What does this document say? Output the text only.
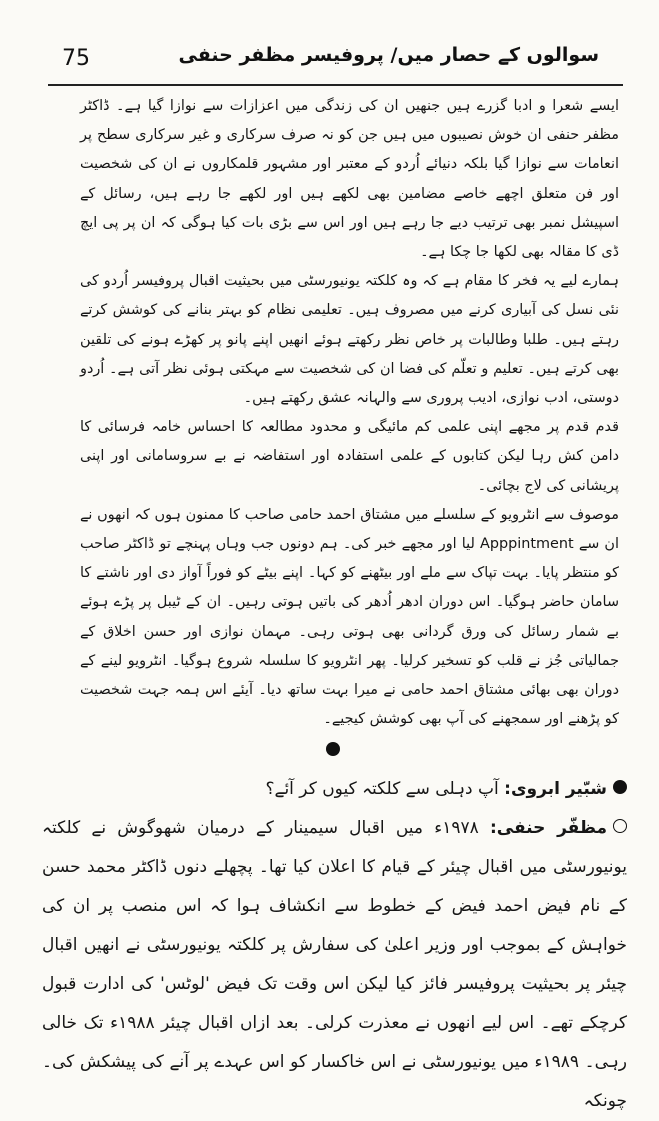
75	سوالوں کے حصار میں/ پروفیسر مظفر حنفی

ایسے شعرا و ادبا گزرے ہیں جنھیں ان کی زندگی میں اعزازات سے نوازا گیا ہے۔ ڈاکٹر مظفر حنفی ان خوش نصیبوں میں ہیں جن کو نہ صرف سرکاری و غیر سرکاری سطح پر انعامات سے نوازا گیا بلکہ دنیائے اُردو کے معتبر اور مشہور قلمکاروں نے ان کی شخصیت اور فن متعلق اچھے خاصے مضامین بھی لکھے ہیں اور لکھے جا رہے ہیں، رسائل کے اسپیشل نمبر بھی ترتیب دیے جا رہے ہیں اور اس سے بڑی بات کیا ہوگی کہ ان پر پی ایچ ڈی کا مقالہ بھی لکھا جا چکا ہے۔

ہمارے لیے یہ فخر کا مقام ہے کہ وہ کلکتہ یونیورسٹی میں بحیثیت اقبال پروفیسر اُردو کی نئی نسل کی آبیاری کرنے میں مصروف ہیں۔ تعلیمی نظام کو بہتر بنانے کی کوشش کرتے رہتے ہیں۔ طلبا وطالبات پر خاص نظر رکھتے ہوئے انھیں اپنے پانو پر کھڑے ہونے کی تلقین بھی کرتے ہیں۔ تعلیم و تعلّم کی فضا ان کی شخصیت سے مہکتی ہوئی نظر آتی ہے۔ اُردو دوستی، ادب نوازی، ادیب پروری سے والہانہ عشق رکھتے ہیں۔

قدم قدم پر مجھے اپنی علمی کم مائیگی و محدود مطالعہ کا احساس خامہ فرسائی کا دامن کش رہا لیکن کتابوں کے علمی استفادہ اور استفاضہ نے بے سروسامانی اور اپنی پریشانی کی لاج بچائی۔

موصوف سے انٹرویو کے سلسلے میں مشتاق احمد حامی صاحب کا ممنون ہوں کہ انھوں نے ان سے Apppintment لیا اور مجھے خبر کی۔ ہم دونوں جب وہاں پہنچے تو ڈاکٹر صاحب کو منتظر پایا۔ بہت تپاک سے ملے اور بیٹھنے کو کہا۔ اپنے بیٹے کو فوراً آواز دی اور ناشتے کا سامان حاضر ہوگیا۔ اس دوران ادھر اُدھر کی باتیں ہوتی رہیں۔ ان کے ٹیبل پر پڑے ہوئے بے شمار رسائل کی ورق گردانی بھی ہوتی رہی۔ مہمان نوازی اور حسن اخلاق کے جمالیاتی جُز نے قلب کو تسخیر کرلیا۔ پھر انٹرویو کا سلسلہ شروع ہوگیا۔ انٹرویو لینے کے دوران بھی بھائی مشتاق احمد حامی نے میرا بہت ساتھ دیا۔ آیئے اس ہمہ جہت شخصیت کو پڑھنے اور سمجھنے کی آپ بھی کوشش کیجیے۔

شبّیر ابروی: آپ دہلی سے کلکتہ کیوں کر آئے؟

مظفّر حنفی: ۱۹۷۸ء میں اقبال سیمینار کے درمیان شھوگوش نے کلکتہ یونیورسٹی میں اقبال چیئر کے قیام کا اعلان کیا تھا۔ پچھلے دنوں ڈاکٹر محمد حسن کے نام فیض احمد فیض کے خطوط سے انکشاف ہوا کہ اس منصب پر ان کی خواہش کے بموجب اور وزیر اعلیٰ کی سفارش پر کلکتہ یونیورسٹی نے انھیں اقبال چیئر پر بحیثیت پروفیسر فائز کیا لیکن اس وقت تک فیض 'لوٹس' کی ادارت قبول کرچکے تھے۔ اس لیے انھوں نے معذرت کرلی۔ بعد ازاں اقبال چیئر ۱۹۸۸ء تک خالی رہی۔ ۱۹۸۹ء میں یونیورسٹی نے اس خاکسار کو اس عہدے پر آنے کی پیشکش کی۔ چونکہ
